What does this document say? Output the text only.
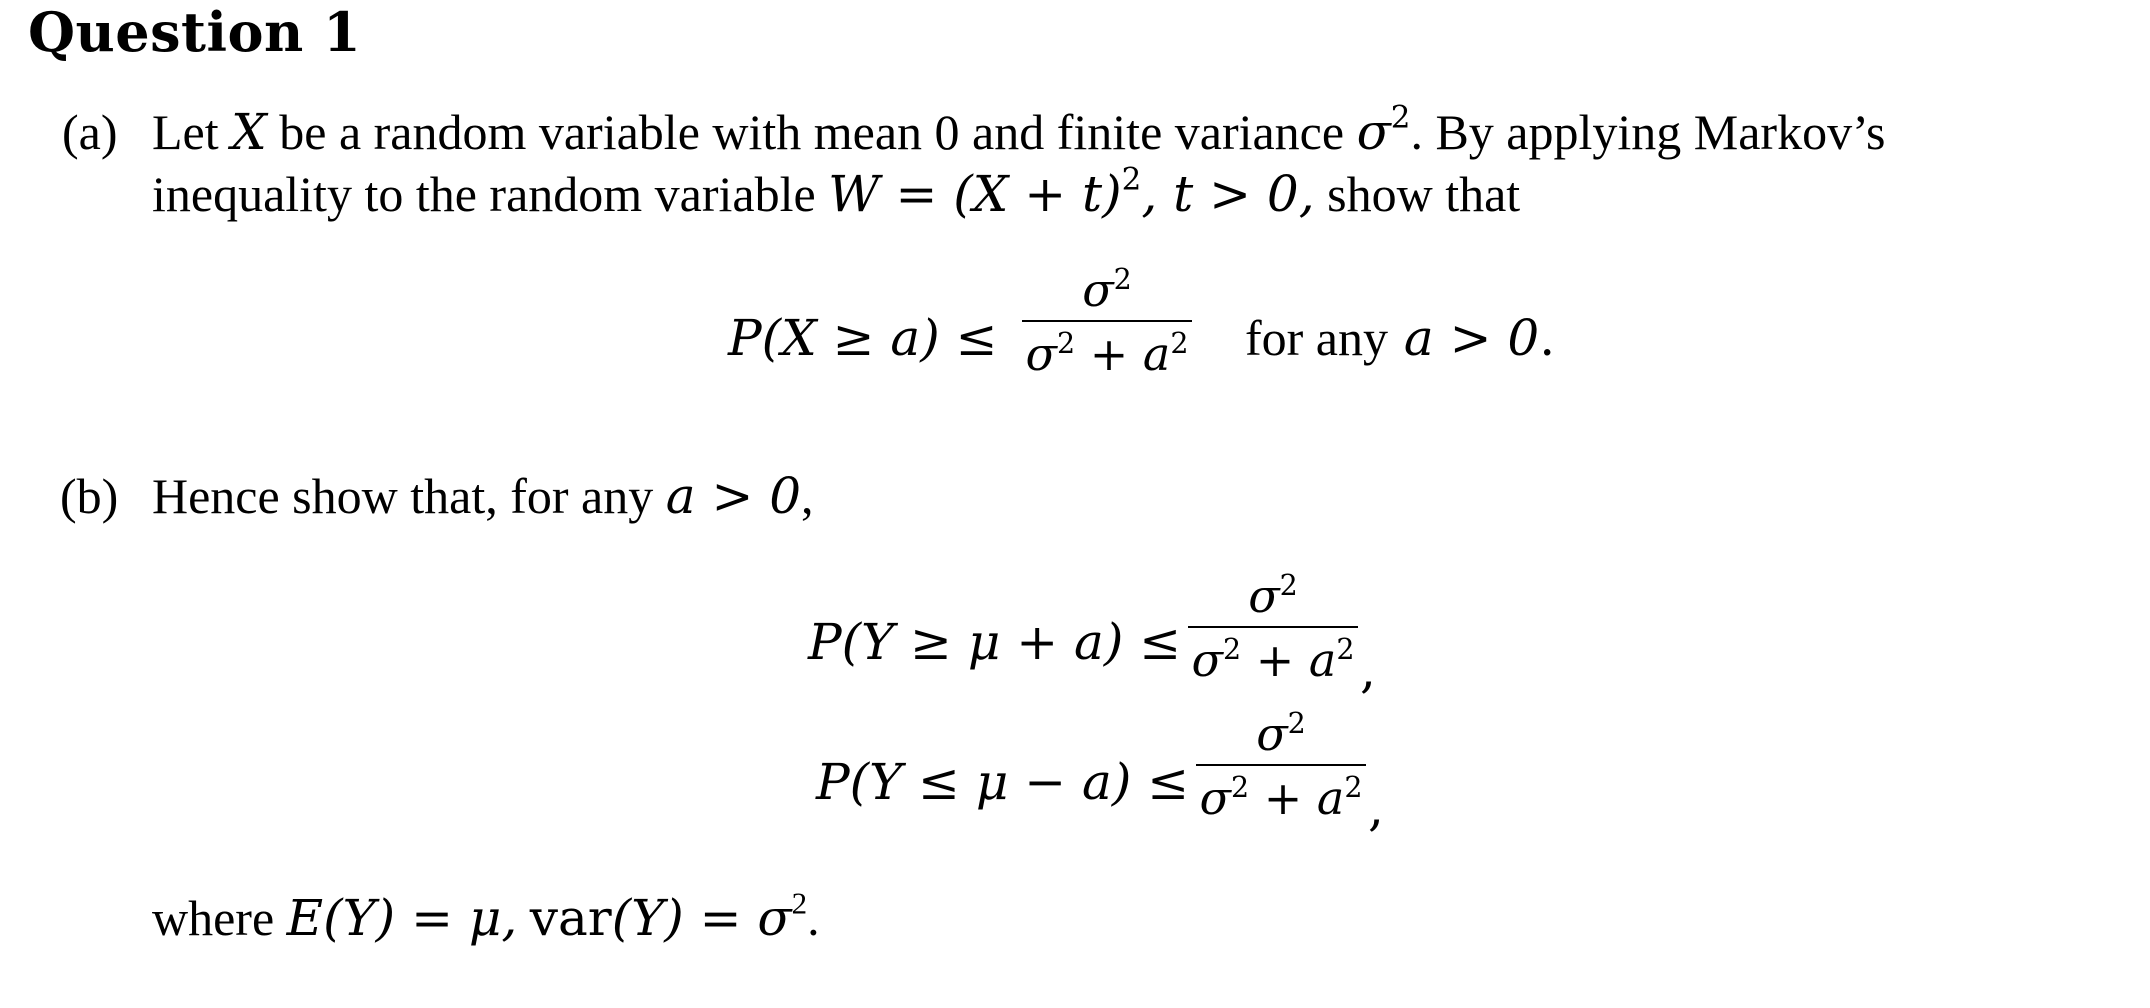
Question 1
(a) Let X be a random variable with mean 0 and finite variance $\sigma^2$. By applying Markov’s
inequality to the random variable $W = (X + t)^2$, t > 0, show that
P(X ≥ a) ≤
$\sigma^2$
$\sigma^2 + a^2$ for any a > 0.
(b) Hence show that, for any a > 0,
P(Y ≥ μ + a) ≤
$\sigma^2$
$\sigma^2 + a^2$ ,
P(Y ≤ μ − a) ≤
$\sigma^2$
$\sigma^2 + a^2$ ,
where E(Y) = μ, $var(Y) = \sigma^2$.
